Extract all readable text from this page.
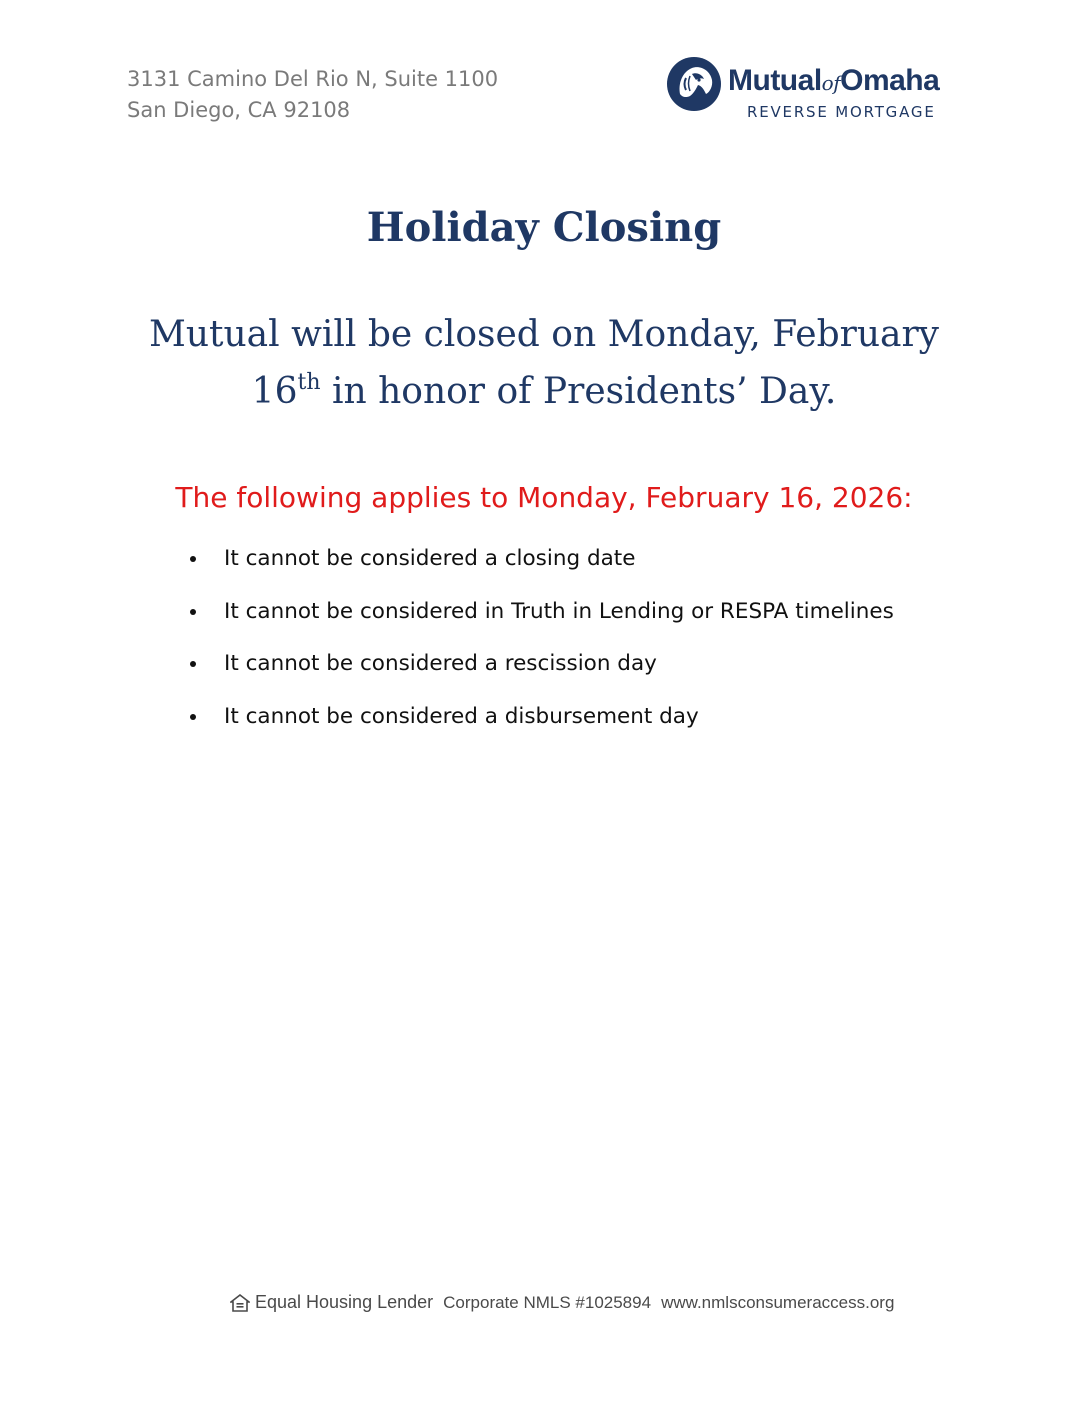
3131 Camino Del Rio N, Suite 1100
San Diego, CA 92108
MutualofOmaha
REVERSE MORTGAGE
Holiday Closing

Mutual will be closed on Monday, February
16th in honor of Presidents’ Day.

The following applies to Monday, February 16, 2026:

It cannot be considered a closing date
It cannot be considered in Truth in Lending or RESPA timelines
It cannot be considered a rescission day
It cannot be considered a disbursement day
Equal Housing Lender Corporate NMLS #1025894 www.nmlsconsumeraccess.org
